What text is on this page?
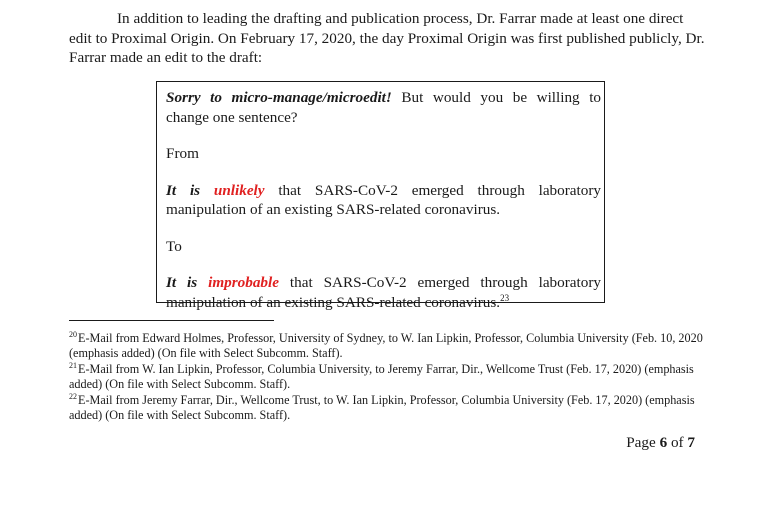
In addition to leading the drafting and publication process, Dr. Farrar made at least one direct edit to Proximal Origin. On February 17, 2020, the day Proximal Origin was first published publicly, Dr. Farrar made an edit to the draft:

Sorry to micro-manage/microedit! But would you be willing to change one sentence?

From

It is unlikely that SARS-CoV-2 emerged through laboratory manipulation of an existing SARS-related coronavirus.

To

It is improbable that SARS-CoV-2 emerged through laboratory manipulation of an existing SARS-related coronavirus.$^{23}$

$^{20}$E-Mail from Edward Holmes, Professor, University of Sydney, to W. Ian Lipkin, Professor, Columbia University (Feb. 10, 2020 (emphasis added) (On file with Select Subcomm. Staff).
$^{21}$E-Mail from W. Ian Lipkin, Professor, Columbia University, to Jeremy Farrar, Dir., Wellcome Trust (Feb. 17, 2020) (emphasis added) (On file with Select Subcomm. Staff).
$^{22}$E-Mail from Jeremy Farrar, Dir., Wellcome Trust, to W. Ian Lipkin, Professor, Columbia University (Feb. 17, 2020) (emphasis added) (On file with Select Subcomm. Staff).
Page 6 of 7
